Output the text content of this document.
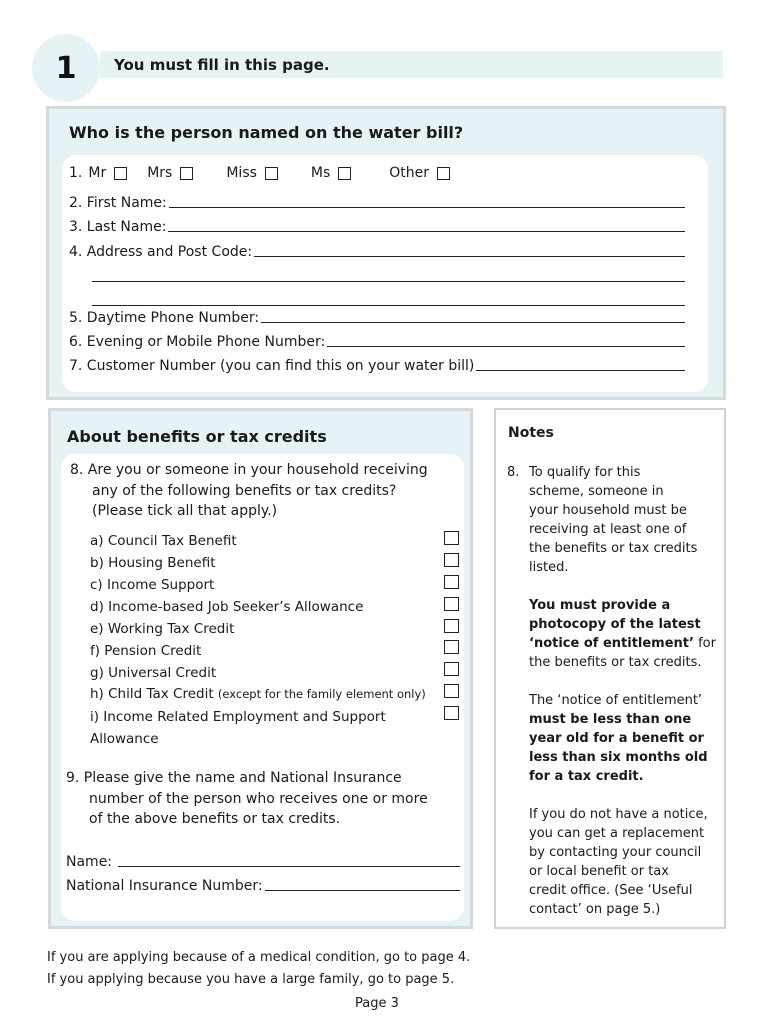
1	You must fill in this page.
Who is the person named on the water bill?
1. Mr	Mrs	Miss	Ms	Other
2. First Name:
3. Last Name:
4. Address and Post Code:
5. Daytime Phone Number:
6. Evening or Mobile Phone Number:
7. Customer Number (you can find this on your water bill)
About benefits or tax credits
8. Are you or someone in your household receiving
any of the following benefits or tax credits?
(Please tick all that apply.)
a) Council Tax Benefit
b) Housing Benefit
c) Income Support
d) Income-based Job Seeker’s Allowance
e) Working Tax Credit
f) Pension Credit
g) Universal Credit
h) Child Tax Credit (except for the family element only)
i) Income Related Employment and Support
Allowance
9. Please give the name and National Insurance
number of the person who receives one or more
of the above benefits or tax credits.
Name:
National Insurance Number:
Notes
8. To qualify for this
scheme, someone in
your household must be
receiving at least one of
the benefits or tax credits
listed.
You must provide a
photocopy of the latest
‘notice of entitlement’ for
the benefits or tax credits.
The ‘notice of entitlement’
must be less than one
year old for a benefit or
less than six months old
for a tax credit.
If you do not have a notice,
you can get a replacement
by contacting your council
or local benefit or tax
credit office. (See ‘Useful
contact’ on page 5.)
If you are applying because of a medical condition, go to page 4.
If you applying because you have a large family, go to page 5.
Page 3
